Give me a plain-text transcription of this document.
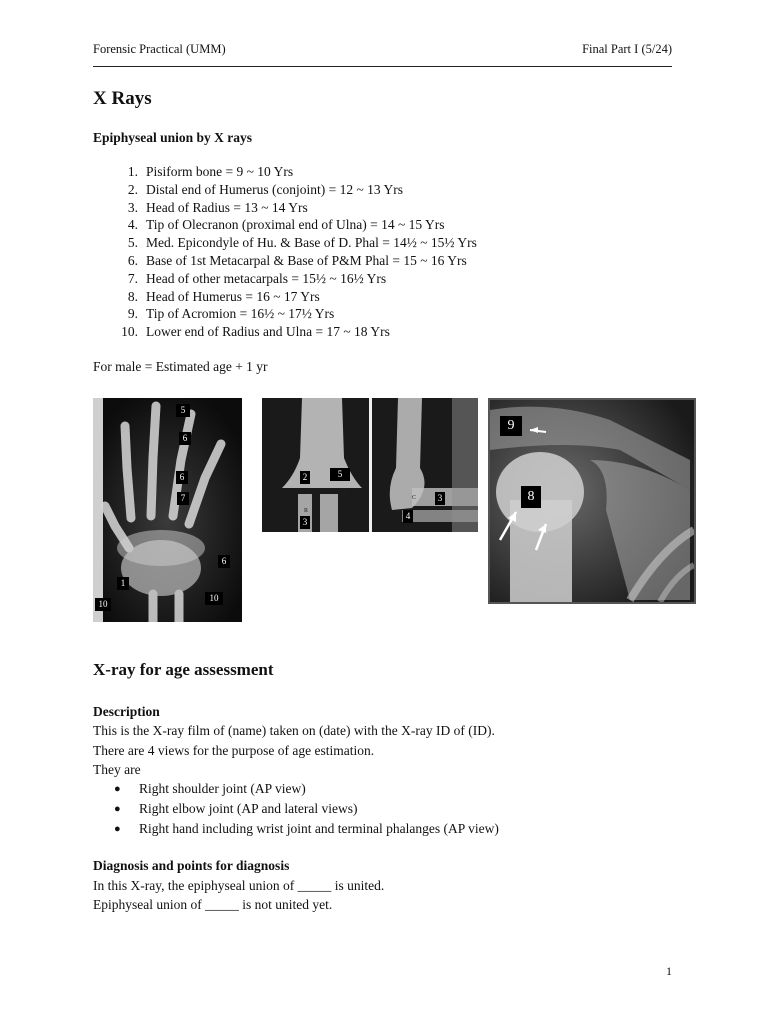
Forensic Practical (UMM)	Final Part I (5/24)
X Rays
Epiphyseal union by X rays
1. Pisiform bone = 9 ~ 10 Yrs
2. Distal end of Humerus (conjoint) = 12 ~ 13 Yrs
3. Head of Radius = 13 ~ 14 Yrs
4. Tip of Olecranon (proximal end of Ulna) = 14 ~ 15 Yrs
5. Med. Epicondyle of Hu. & Base of D. Phal = 14½ ~ 15½ Yrs
6. Base of 1st Metacarpal & Base of P&M Phal = 15 ~ 16 Yrs
7. Head of other metacarpals = 15½ ~ 16½ Yrs
8. Head of Humerus = 16 ~ 17 Yrs
9. Tip of Acromion = 16½ ~ 17½ Yrs
10. Lower end of Radius and Ulna = 17 ~ 18 Yrs
For male = Estimated age + 1 yr
5
6
6
7
6
1
10
10
2	5
3
3
4
E
C	T
R
C
O
9
8
X-ray for age assessment
Description
This is the X-ray film of (name) taken on (date) with the X-ray ID of (ID).
There are 4 views for the purpose of age estimation.
They are
●	Right shoulder joint (AP view)
●	Right elbow joint (AP and lateral views)
●	Right hand including wrist joint and terminal phalanges (AP view)
Diagnosis and points for diagnosis
In this X-ray, the epiphyseal union of _____ is united.
Epiphyseal union of _____ is not united yet.
1
